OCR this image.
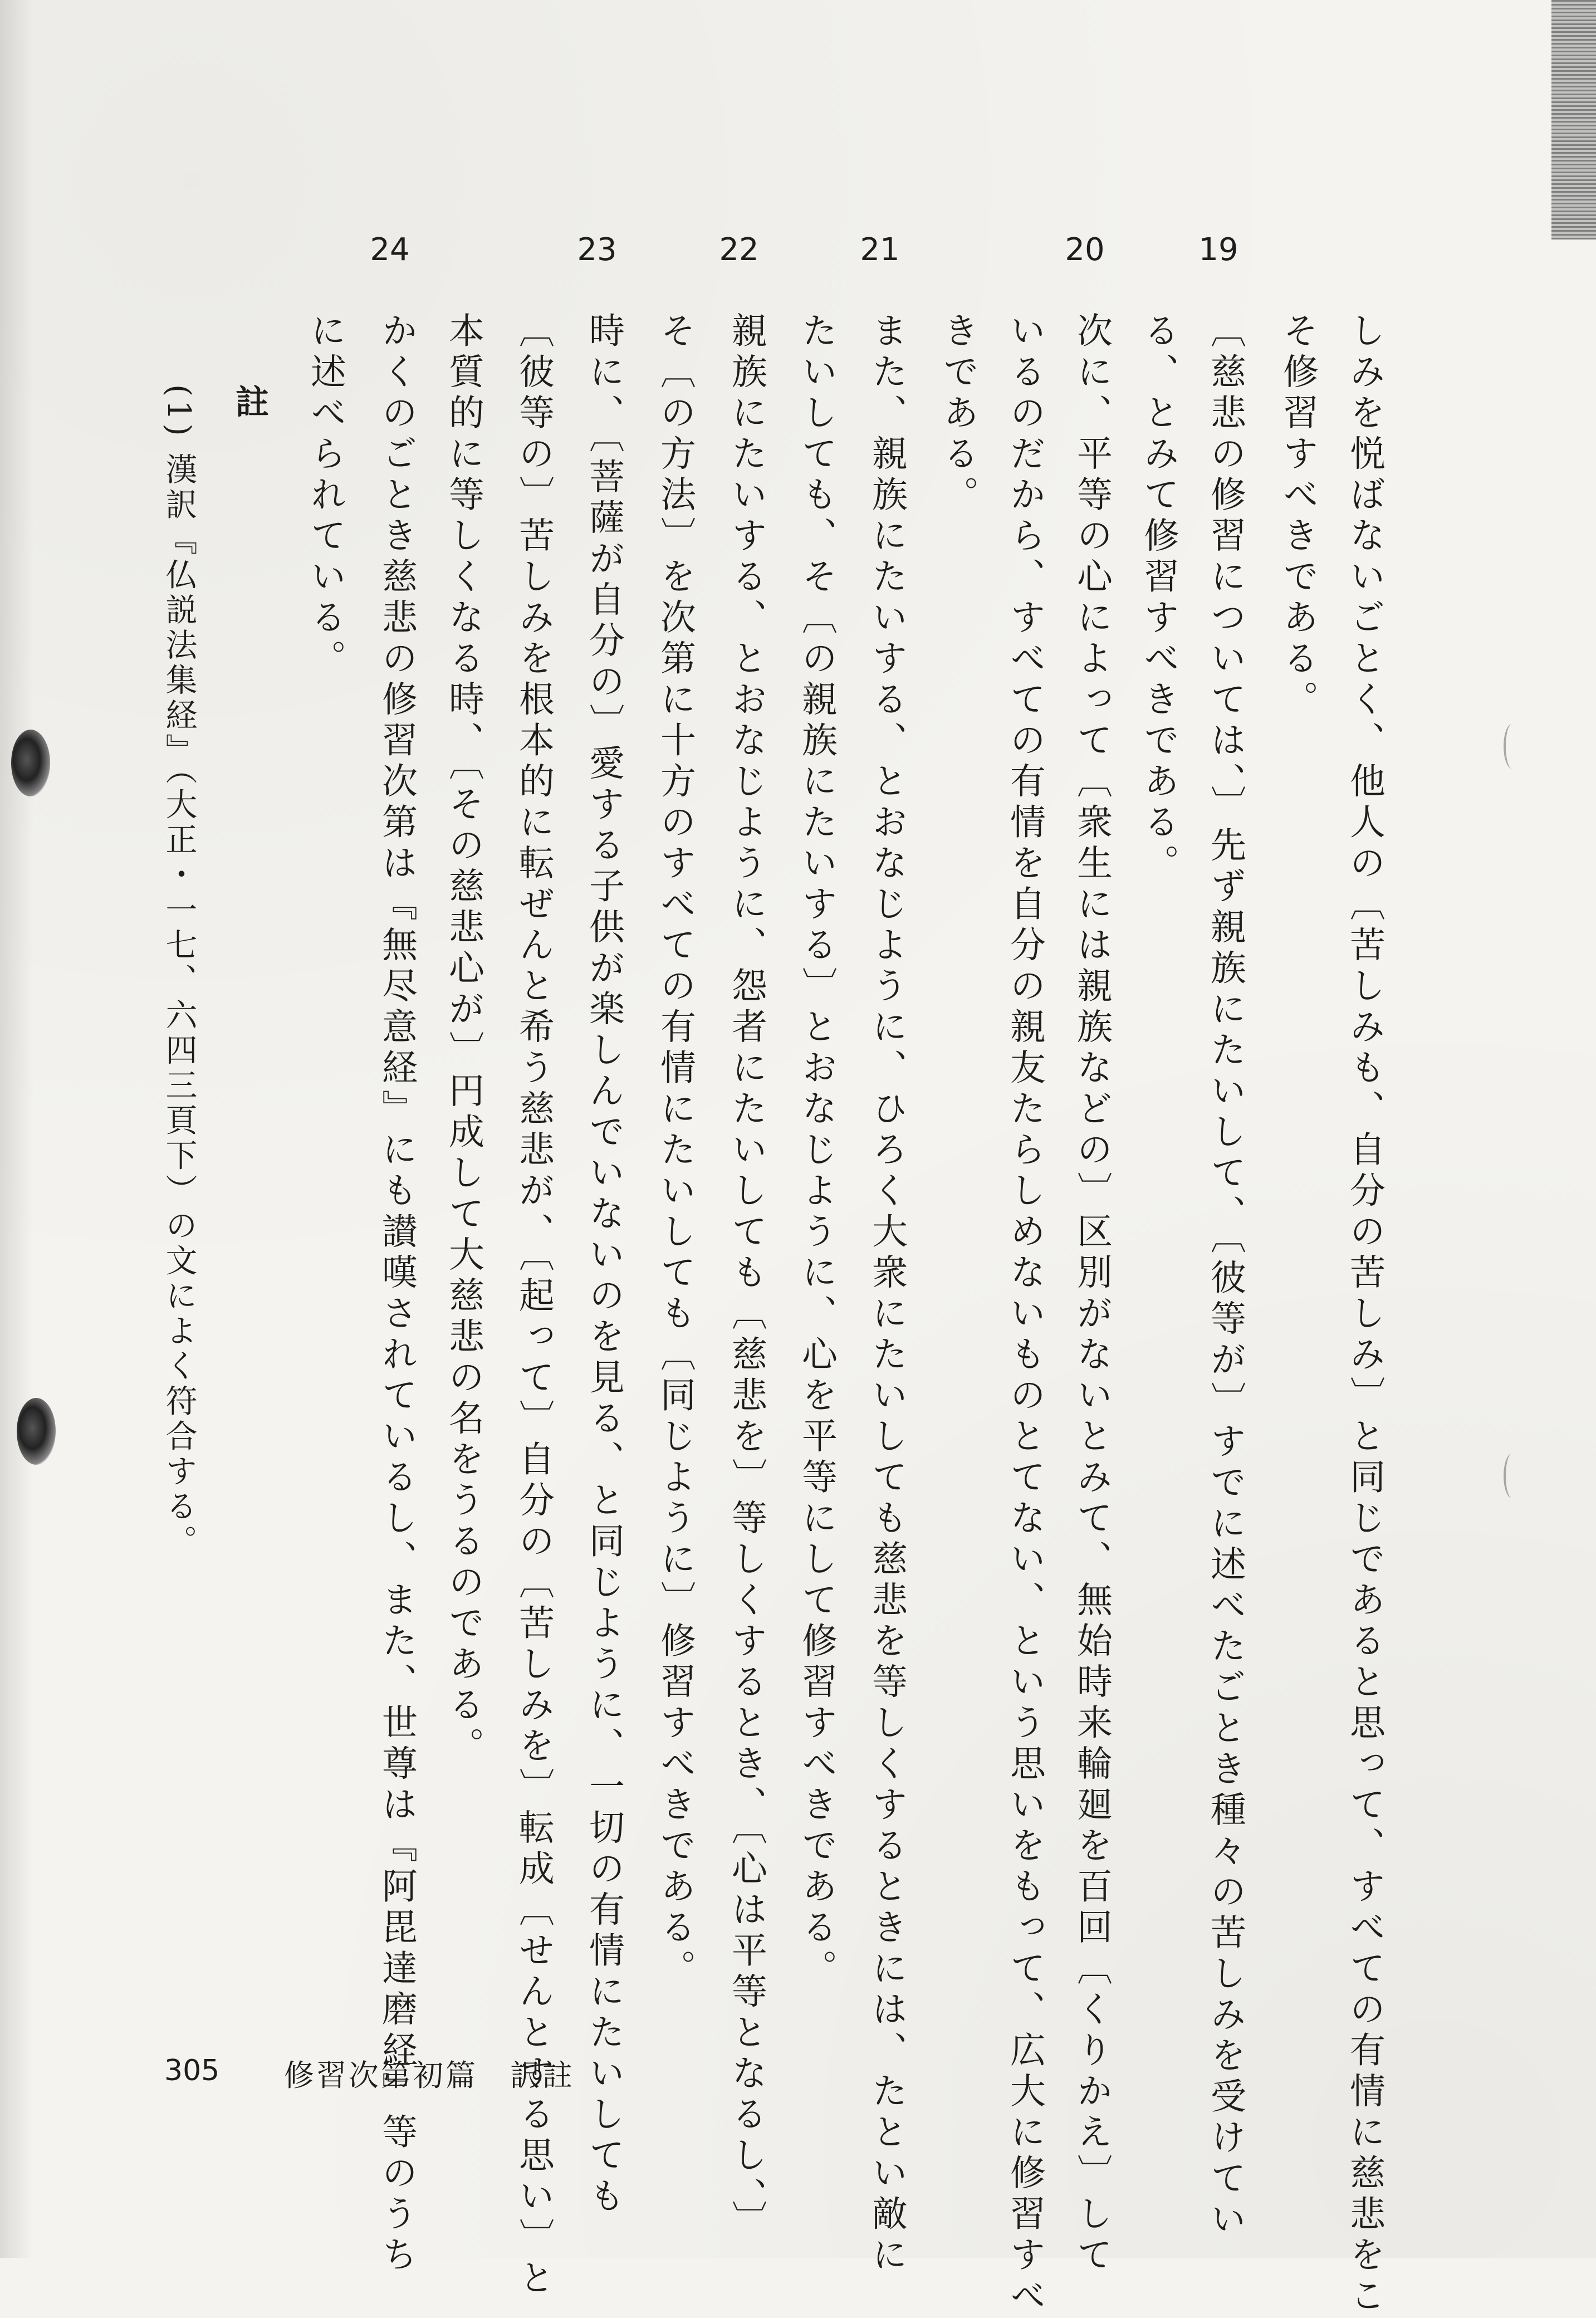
19
20
21
22
23
24
しみを悦ばないごとく、他人の〔苦しみも、自分の苦しみ〕と同じであると思って、すべての有情に慈悲をこ
そ修習すべきである。
〔慈悲の修習については、〕先ず親族にたいして、〔彼等が〕すでに述べたごとき種々の苦しみを受けてい
る、とみて修習すべきである。
次に、平等の心によって〔衆生には親族などの〕区別がないとみて、無始時来輪廻を百回〔くりかえ〕して
いるのだから、すべての有情を自分の親友たらしめないものとてない、という思いをもって、広大に修習すべ
きである。
また、親族にたいする、とおなじように、ひろく大衆にたいしても慈悲を等しくするときには、たとい敵に
たいしても、そ〔の親族にたいする〕とおなじように、心を平等にして修習すべきである。
親族にたいする、とおなじように、怨者にたいしても〔慈悲を〕等しくするとき、〔心は平等となるし、〕
そ〔の方法〕を次第に十方のすべての有情にたいしても〔同じように〕修習すべきである。
時に、〔菩薩が自分の〕愛する子供が楽しんでいないのを見る、と同じように、一切の有情にたいしても
〔彼等の〕苦しみを根本的に転ぜんと希う慈悲が、〔起って〕自分の〔苦しみを〕転成〔せんとする思い〕と
本質的に等しくなる時、〔その慈悲心が〕円成して大慈悲の名をうるのである。
かくのごとき慈悲の修習次第は『無尽意経』にも讃嘆されているし、また、世尊は『阿毘達磨経』等のうち
に述べられている。
註
(1) 漢訳『仏説法集経』（大正・一七、六四三頁下）の文によく符合する。
305 修習次第初篇　訳註
